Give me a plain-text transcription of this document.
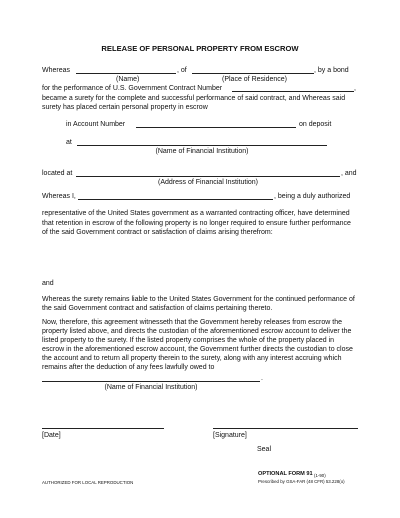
RELEASE OF PERSONAL PROPERTY FROM ESCROW
Whereas	, of	, by a bond
(Name)	(Place of Residence)
for the performance of U.S. Government Contract Number	,
became a surety for the complete and successful performance of said contract, and Whereas said
surety has placed certain personal property in escrow
in Account Number	on deposit
at
(Name of Financial Institution)
located at	, and
(Address of Financial Institution)
Whereas I,	, being a duly authorized
representative of the United States government as a warranted contracting officer, have determined
that retention in escrow of the following property is no longer required to ensure further performance
of the said Government contract or satisfaction of claims arising therefrom:
and
Whereas the surety remains liable to the United States Government for the continued performance of
the said Government contract and satisfaction of claims pertaining thereto.
Now, therefore, this agreement witnesseth that the Government hereby releases from escrow the
property listed above, and directs the custodian of the aforementioned escrow account to deliver the
listed property to the surety. If the listed property comprises the whole of the property placed in
escrow in the aforementioned escrow account, the Government further directs the custodian to close
the account and to return all property therein to the surety, along with any interest accruing which
remains after the deduction of any fees lawfully owed to
.
(Name of Financial Institution)
[Date]	[Signature]
Seal
AUTHORIZED FOR LOCAL REPRODUCTION
OPTIONAL FORM 91 (1-90)
Prescribed by GSA-FAR (48 CFR) 53.228(o)
